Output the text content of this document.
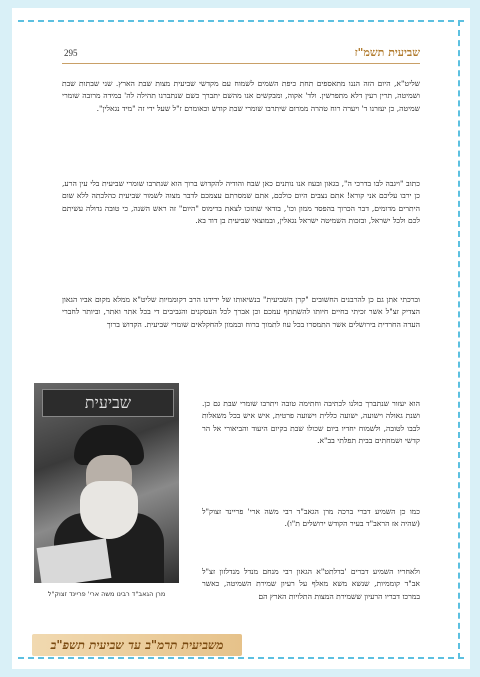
295	שביעית תשמ"ז
שליט"א, היום הזה הננו מתאספים תחת כיפת השמים לשמוח עם מקדשי שביעית מצות שבת הארץ. שני שבתות שבת ושמיטה, תרין רעין דלא מתפרשין. ולד' אקוה, ומבקשים אנו מהשם יתברך כשם שנתברנו תהילה לה' במידה מרובה שומרי שמיטה, כן יעזרנו ד' ויערה רוח טהרה ממרום שיתרבו שומרי שבת קודש וכאומרם ז"ל שעל ידי זה "מיד נגאלין".
כתוב "ויגבה לבו בדרכי ה", בגאון ובעוז אנו נותנים כאן שבח והודיה להקדוש ברוך הוא שנתרבו שומרי שביעית בלי עין הרע, כן ירבו עליכם אני קורא! אתם נצבים היום כולכם, אתם שמסרתם עצמכם לדבר מצוה לשמור שביעית כהלכתה ללא שום היתרים מדומים, דבר הכרוך בהפסד ממון וכו', בודאי שתזכו לצאת בדימוס "היום" זה ראש השנה, כי טובה גדולה עשיתם לכם ולכל ישראל, ובזכות השמיטה ישראל נגאלין, ובמוצאי שביעית בן דוד בא.
וברכתי אתן גם כן להרבנים החשובים "קרן השביעית" בנשיאותו של ידידנו הרב דקוממיות שליט"א ממלא מקום אביו הגאון הצדיק זצ"ל אשר זכיתי בחיים חיותו להשתתף עמכם וכן אברך לכל העסקנים והגביבים די בכל אתר ואתר, וביותר לחברי העדה החרדית בירושלים אשר התמסרו בכל עוז לתמוך ברוח ובממון להחקלאים שומרי שביעית. הקדוש ברוך
הוא יעזור שנתברך כולנו לכתיבה וחתימה טובה ויתרבו שומרי שבת גם כן. ושנת גאולה וישועה, ישועה כללית וישועה פרטית, איש איש בכל משאלות לבבו לטובה, ולשמוח יחדיו ביום שכולו שבת בקיום היעוד והביאורי אל הר קדשי ושמחתים בבית תפלתי בב"א.
כמו כן השמיע דברי ברכה מרן הגאב"ד רבי משה ארי' פריינד זצוק"ל (שהיה אז הראב"ד בעיר הקודש ירושלים ת"ו).
ולאחריו השמיע דברים 'בדלתט"א הגאון רבי מנחם מנדל מנדלזון זצ"ל אב"ד קוממיות, שנשא משא מאלף על רעיון שמירת השמיטה, כאשר במרכז דבריו הרעיון ששמירת המצות התלויות הארץ הם
שביעית
מרן הגאב"ד רבינו משה ארי' פריינד זצוק"ל
משביעית תרמ"ב עד שביעית תשפ"ב
